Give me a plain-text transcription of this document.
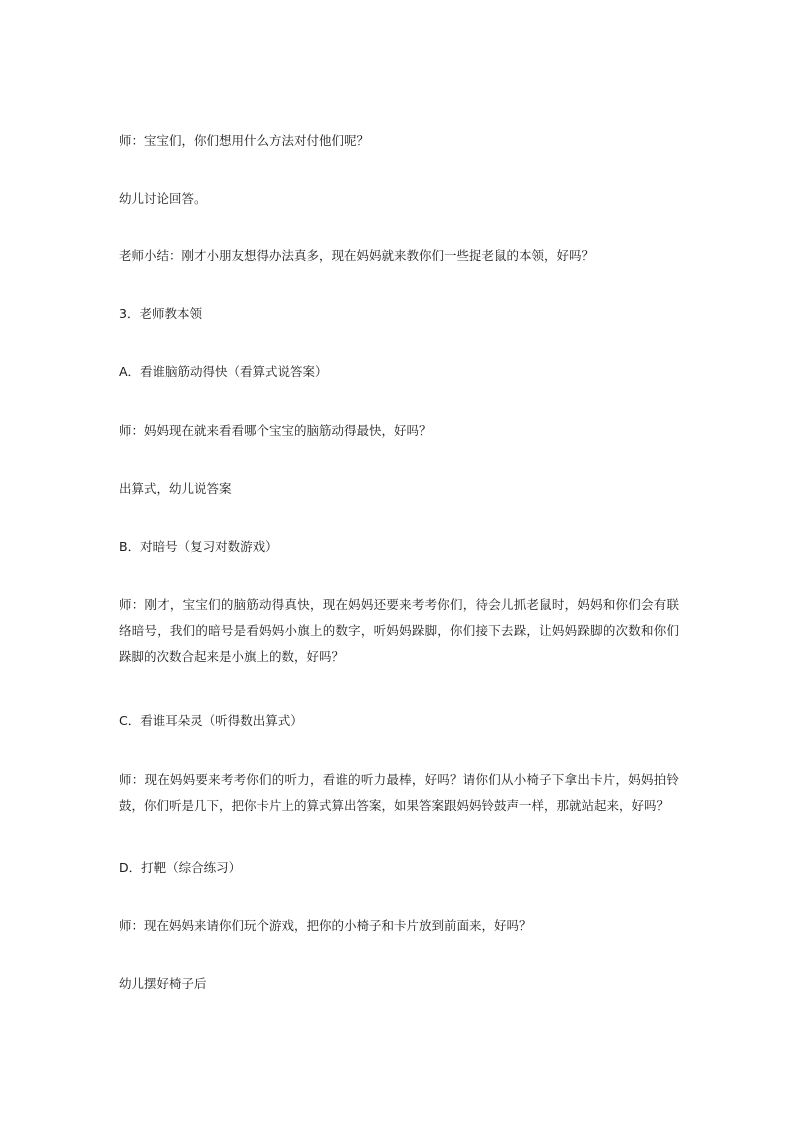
师：宝宝们，你们想用什么方法对付他们呢？

幼儿讨论回答。

老师小结：刚才小朋友想得办法真多，现在妈妈就来教你们一些捉老鼠的本领，好吗？

3．老师教本领

A．看谁脑筋动得快（看算式说答案）

师：妈妈现在就来看看哪个宝宝的脑筋动得最快，好吗？

出算式，幼儿说答案

B．对暗号（复习对数游戏）

师：刚才，宝宝们的脑筋动得真快，现在妈妈还要来考考你们，待会儿抓老鼠时，妈妈和你们会有联络暗号，我们的暗号是看妈妈小旗上的数字，听妈妈跺脚，你们接下去跺，让妈妈跺脚的次数和你们跺脚的次数合起来是小旗上的数，好吗？

C．看谁耳朵灵（听得数出算式）

师：现在妈妈要来考考你们的听力，看谁的听力最棒，好吗？请你们从小椅子下拿出卡片，妈妈拍铃鼓，你们听是几下，把你卡片上的算式算出答案，如果答案跟妈妈铃鼓声一样，那就站起来，好吗？

D．打靶（综合练习）

师：现在妈妈来请你们玩个游戏，把你的小椅子和卡片放到前面来，好吗？

幼儿摆好椅子后
